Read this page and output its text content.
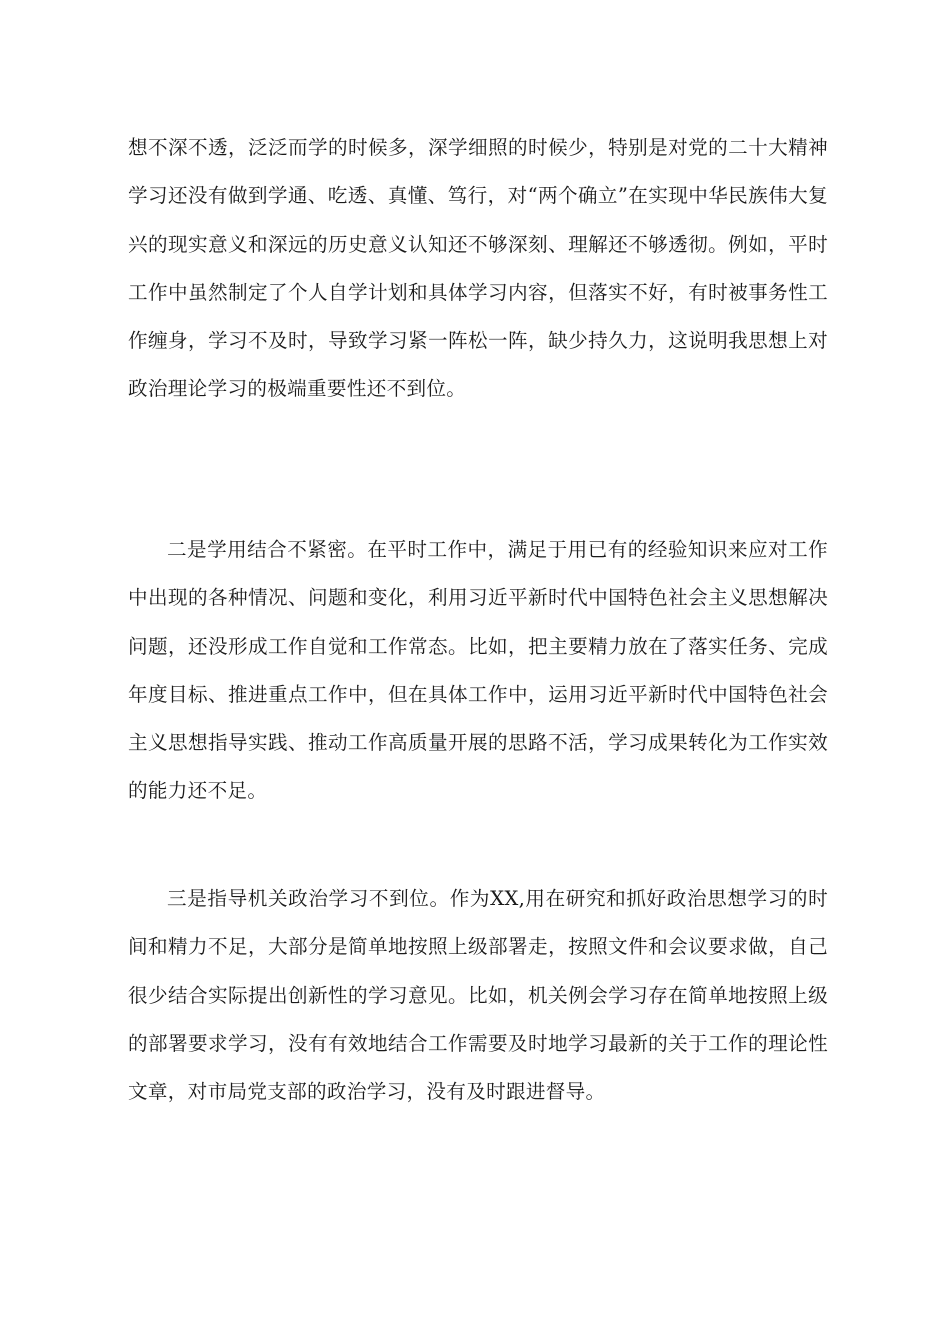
想不深不透，泛泛而学的时候多，深学细照的时候少，特别是对党的二十大精神学习还没有做到学通、吃透、真懂、笃行，对“两个确立”在实现中华民族伟大复兴的现实意义和深远的历史意义认知还不够深刻、理解还不够透彻。例如，平时工作中虽然制定了个人自学计划和具体学习内容，但落实不好，有时被事务性工作缠身，学习不及时，导致学习紧一阵松一阵，缺少持久力，这说明我思想上对政治理论学习的极端重要性还不到位。

二是学用结合不紧密。在平时工作中，满足于用已有的经验知识来应对工作中出现的各种情况、问题和变化，利用习近平新时代中国特色社会主义思想解决问题，还没形成工作自觉和工作常态。比如，把主要精力放在了落实任务、完成年度目标、推进重点工作中，但在具体工作中，运用习近平新时代中国特色社会主义思想指导实践、推动工作高质量开展的思路不活，学习成果转化为工作实效的能力还不足。

三是指导机关政治学习不到位。作为XX,用在研究和抓好政治思想学习的时间和精力不足，大部分是简单地按照上级部署走，按照文件和会议要求做，自己很少结合实际提出创新性的学习意见。比如，机关例会学习存在简单地按照上级的部署要求学习，没有有效地结合工作需要及时地学习最新的关于工作的理论性文章，对市局党支部的政治学习，没有及时跟进督导。
